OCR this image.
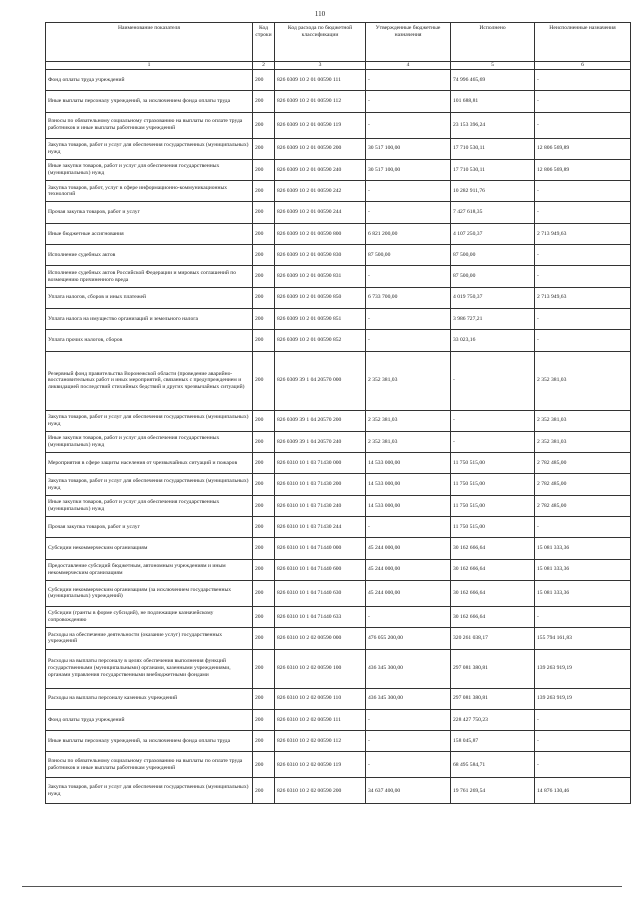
110
Наименование показателя	Код строки	Код расхода по бюджетной классификации	Утвержденные бюджетные назначения	Исполнено	Неисполненные назначения
1	2	3	4	5	6
Фонд оплаты труда учреждений	200	826 0309 10 2 01 00590 111	-	74 996 465,69	-
Иные выплаты персоналу учреждений, за исключением фонда оплаты труда	200	826 0309 10 2 01 00590 112	-	101 688,81	-
Взносы по обязательному социальному страхованию на выплаты по оплате труда работников и иные выплаты работникам учреждений	200	826 0309 10 2 01 00590 119	-	23 153 396,24	-
Закупка товаров, работ и услуг для обеспечения государственных (муниципальных) нужд	200	826 0309 10 2 01 00590 200	30 517 100,00	17 710 530,11	12 806 569,89
Иные закупки товаров, работ и услуг для обеспечения государственных (муниципальных) нужд	200	826 0309 10 2 01 00590 240	30 517 100,00	17 710 530,11	12 806 569,89
Закупка товаров, работ, услуг в сфере информационно-коммуникационных технологий	200	826 0309 10 2 01 00590 242	-	10 282 911,76	-
Прочая закупка товаров, работ и услуг	200	826 0309 10 2 01 00590 244	-	7 427 618,35	-
Иные бюджетные ассигнования	200	826 0309 10 2 01 00590 800	6 821 200,00	4 107 250,37	2 713 949,63
Исполнение судебных актов	200	826 0309 10 2 01 00590 830	87 500,00	87 500,00	-
Исполнение судебных актов Российской Федерации и мировых соглашений по возмещению причиненного вреда	200	826 0309 10 2 01 00590 831	-	87 500,00	-
Уплата налогов, сборов и иных платежей	200	826 0309 10 2 01 00590 850	6 733 700,00	4 019 750,37	2 713 949,63
Уплата налога на имущество организаций и земельного налога	200	826 0309 10 2 01 00590 851	-	3 986 727,21	-
Уплата прочих налогов, сборов	200	826 0309 10 2 01 00590 852	-	33 023,16	-
Резервный фонд правительства Воронежской области (проведение аварийно-восстановительных работ и иных мероприятий, связанных с предупреждением и ликвидацией последствий стихийных бедствий и других чрезвычайных ситуаций)	200	826 0309 39 1 04 20570 000	2 352 381,03	-	2 352 381,03
Закупка товаров, работ и услуг для обеспечения государственных (муниципальных) нужд	200	826 0309 39 1 04 20570 200	2 352 381,03	-	2 352 381,03
Иные закупки товаров, работ и услуг для обеспечения государственных (муниципальных) нужд	200	826 0309 39 1 04 20570 240	2 352 381,03	-	2 352 381,03
Мероприятия в сфере защиты населения от чрезвычайных ситуаций и пожаров	200	826 0310 10 1 03 71430 000	14 533 000,00	11 750 515,00	2 782 485,00
Закупка товаров, работ и услуг для обеспечения государственных (муниципальных) нужд	200	826 0310 10 1 03 71430 200	14 533 000,00	11 750 515,00	2 782 485,00
Иные закупки товаров, работ и услуг для обеспечения государственных (муниципальных) нужд	200	826 0310 10 1 03 71430 240	14 533 000,00	11 750 515,00	2 782 485,00
Прочая закупка товаров, работ и услуг	200	826 0310 10 1 03 71430 244	-	11 750 515,00	-
Субсидии некоммерческим организациям	200	826 0310 10 1 04 71440 000	45 244 000,00	30 162 666,64	15 081 333,36
Предоставление субсидий бюджетным, автономным учреждениям и иным некоммерческим организациям	200	826 0310 10 1 04 71440 600	45 244 000,00	30 162 666,64	15 081 333,36
Субсидии некоммерческим организациям (за исключением государственных (муниципальных) учреждений)	200	826 0310 10 1 04 71440 630	45 244 000,00	30 162 666,64	15 081 333,36
Субсидии (гранты в форме субсидий), не подлежащие казначейскому сопровождению	200	826 0310 10 1 04 71440 633	-	30 162 666,64	-
Расходы на обеспечение деятельности (оказание услуг) государственных учреждений	200	826 0310 10 2 02 00590 000	476 055 200,00	320 261 038,17	155 794 161,83
Расходы на выплаты персоналу в целях обеспечения выполнения функций государственными (муниципальными) органами, казенными учреждениями, органами управления государственными внебюджетными фондами	200	826 0310 10 2 02 00590 100	436 345 300,00	297 081 380,81	139 263 919,19
Расходы на выплаты персоналу казенных учреждений	200	826 0310 10 2 02 00590 110	436 345 300,00	297 081 380,81	139 263 919,19
Фонд оплаты труда учреждений	200	826 0310 10 2 02 00590 111	-	228 427 750,23	-
Иные выплаты персоналу учреждений, за исключением фонда оплаты труда	200	826 0310 10 2 02 00590 112	-	158 045,87	-
Взносы по обязательному социальному страхованию на выплаты по оплате труда работников и иные выплаты работникам учреждений	200	826 0310 10 2 02 00590 119	-	68 495 584,71	-
Закупка товаров, работ и услуг для обеспечения государственных (муниципальных) нужд	200	826 0310 10 2 02 00590 200	34 637 400,00	19 761 269,54	14 876 130,46
